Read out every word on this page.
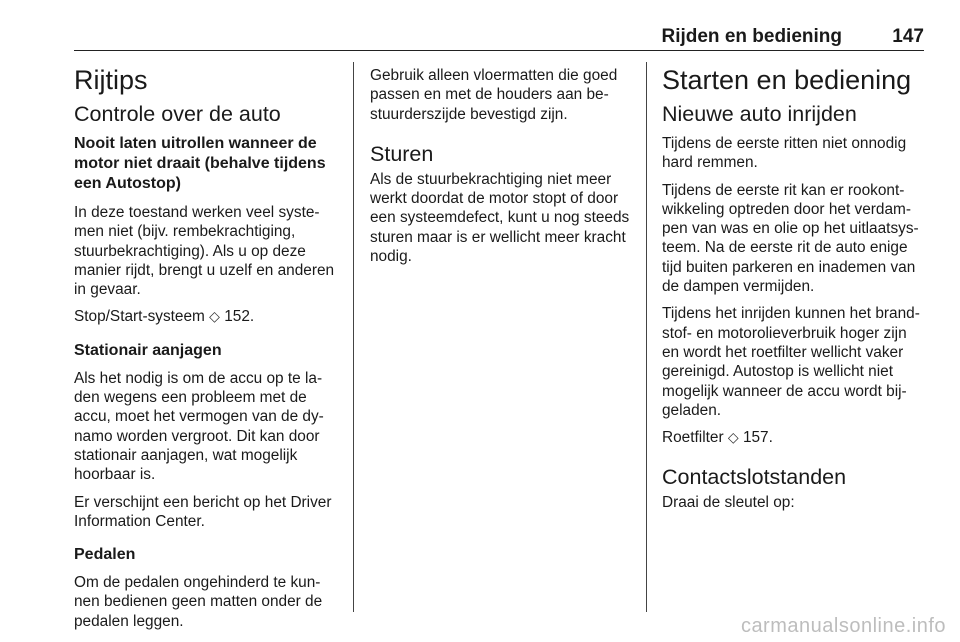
Rijden en bediening	147
Rijtips
Controle over de auto
Nooit laten uitrollen wanneer de motor niet draait (behalve tijdens een Autostop)

In deze toestand werken veel syste-men niet (bijv. rembekrachtiging, stuurbekrachtiging). Als u op deze manier rijdt, brengt u uzelf en anderen in gevaar.

Stop/Start-systeem ◇ 152.

Stationair aanjagen

Als het nodig is om de accu op te la-den wegens een probleem met de accu, moet het vermogen van de dy-namo worden vergroot. Dit kan door stationair aanjagen, wat mogelijk hoorbaar is.

Er verschijnt een bericht op het Driver Information Center.

Pedalen

Om de pedalen ongehinderd te kun-nen bedienen geen matten onder de pedalen leggen.

Gebruik alleen vloermatten die goed passen en met de houders aan be-stuurderszijde bevestigd zijn.

Sturen

Als de stuurbekrachtiging niet meer werkt doordat de motor stopt of door een systeemdefect, kunt u nog steeds sturen maar is er wellicht meer kracht nodig.

Starten en bediening
Nieuwe auto inrijden

Tijdens de eerste ritten niet onnodig hard remmen.

Tijdens de eerste rit kan er rookont-wikkeling optreden door het verdam-pen van was en olie op het uitlaatsys-teem. Na de eerste rit de auto enige tijd buiten parkeren en inademen van de dampen vermijden.

Tijdens het inrijden kunnen het brand-stof- en motorolieverbruik hoger zijn en wordt het roetfilter wellicht vaker gereinigd. Autostop is wellicht niet mogelijk wanneer de accu wordt bij-geladen.

Roetfilter ◇ 157.

Contactslotstanden

Draai de sleutel op:

carmanualsonline.info
